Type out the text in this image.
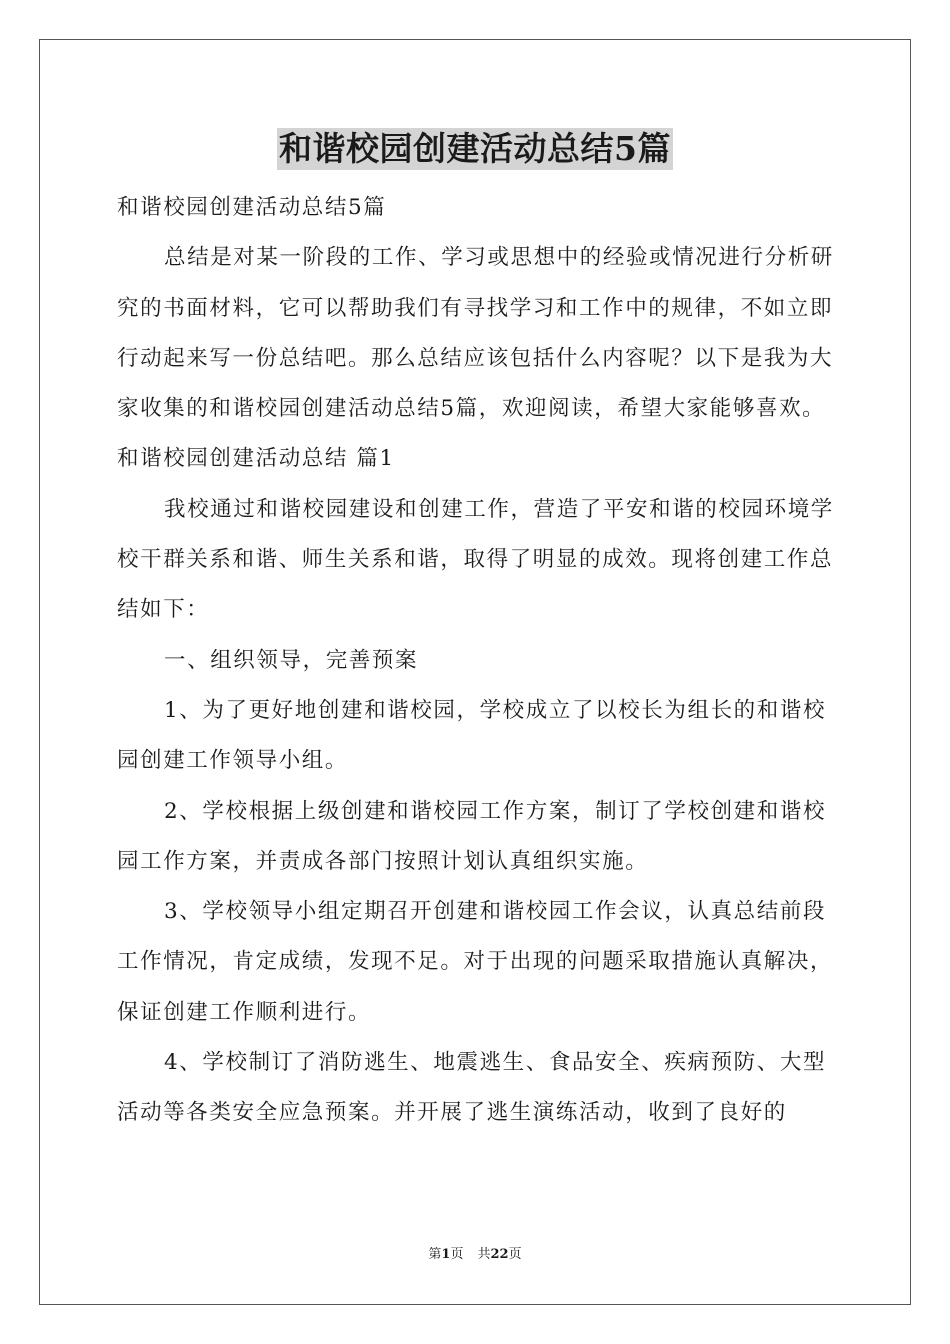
和谐校园创建活动总结5篇

和谐校园创建活动总结5篇

总结是对某一阶段的工作、学习或思想中的经验或情况进行分析研究的书面材料，它可以帮助我们有寻找学习和工作中的规律，不如立即行动起来写一份总结吧。那么总结应该包括什么内容呢？以下是我为大家收集的和谐校园创建活动总结5篇，欢迎阅读，希望大家能够喜欢。

和谐校园创建活动总结 篇1

我校通过和谐校园建设和创建工作，营造了平安和谐的校园环境学校干群关系和谐、师生关系和谐，取得了明显的成效。现将创建工作总结如下：

一、组织领导，完善预案

1、为了更好地创建和谐校园，学校成立了以校长为组长的和谐校园创建工作领导小组。

2、学校根据上级创建和谐校园工作方案，制订了学校创建和谐校园工作方案，并责成各部门按照计划认真组织实施。

3、学校领导小组定期召开创建和谐校园工作会议，认真总结前段工作情况，肯定成绩，发现不足。对于出现的问题采取措施认真解决，保证创建工作顺利进行。

4、学校制订了消防逃生、地震逃生、食品安全、疾病预防、大型活动等各类安全应急预案。并开展了逃生演练活动，收到了良好的

第1页 共22页
